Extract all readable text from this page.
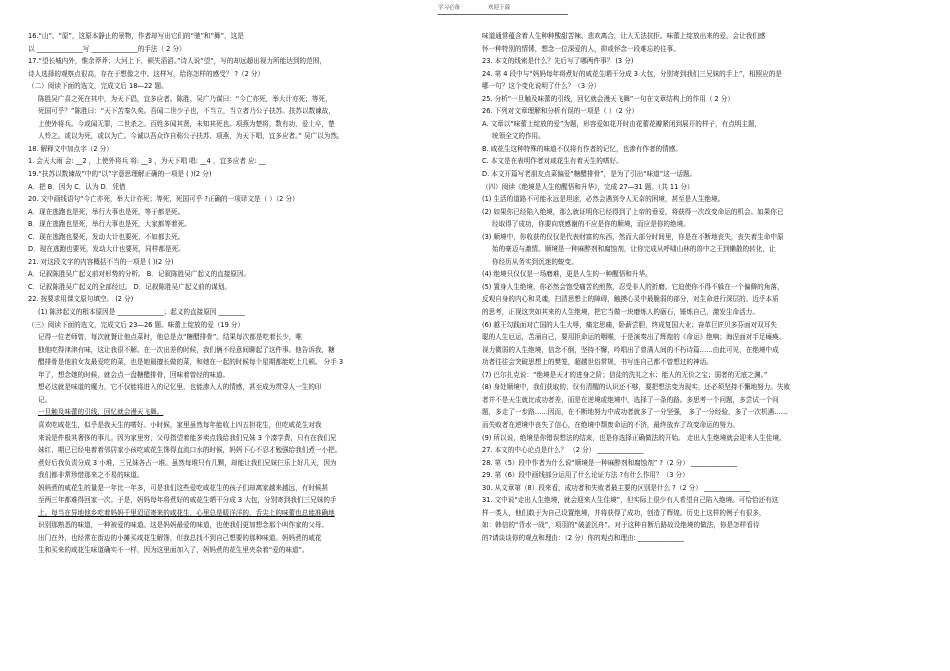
学习必备	欢迎下载
16.“山”、“原”，这原本静止的景物，作者却写出它们的“驰”和“舞”，这是
以 ______________写 ______________的手法（ 2 分）
17.“望长城内外，惟余莽莽；大河上下，顿失滔滔。”诗人说“望”，写的却远超出视力所能达到的范围，
诗人选择的观察点很高，存在于想像之中。这样写，给你怎样的感受？ ?（2 分）
（二）阅读下面的选文，完成文后 18—22 题。
陈胜吴广喜之死在其中，为天下倡，宜多应者。陈胜、吴广乃谋曰：“今亡亦死，举大计亦死；等死，
死国可乎？”陈胜曰：“天下苦秦久矣。吾闻二世少子也，不当立，当立者乃公子扶苏。扶苏以数谏故，
上使外将兵。今或闻无罪，二世杀之。百姓多闻其贤，未知其死也。项燕为楚将，数有功，爱士卒，楚
人怜之。或以为死，或以为亡。今诚以吾众诈自称公子扶苏、项燕，为天下唱，宜多应者。” 吴广以为然。
18. 解释文中加点字（2 分）
1. 会天大雨 会: __2 ，上使外将兵 将: __3 ，为天下唱 唱: __4 ，宜多应者 应: __
19.“扶苏以数谏故”中的“以”字意思理解正确的一项是 ( )(2 分)
A．把 B．因为 C．认为 D．凭借
20. 文中画线语句“今亡亦死，举大计亦死；等死，死国可乎 ?正确的一项译文是（ ）（2 分）
A．现在逃跑也是死，举行大事也是死，等于都是死。
B．现在逃跑也是死，举行大事也是死，大家都等着死。
C．现在逃跑也要死，发动大计也要死，不如都去死。
D．现在逃跑也要死，发动大计也要死，同样都是死。
21. 对这段文字的内容概括不当的一项是 ( )(2 分)
A．记叙陈胜吴广起义前对形势的分析。 B．记叙陈胜吴广起义的直接原因。
C．记叙陈胜吴广起义的全部经过。 D．记叙陈胜吴广起义前的谋划。
22. 按要求用课文原句填空。 (2 分)
(1) 陈涉起义的根本原因是 ______________；起义的直接原因 ________
（三）阅读下面的选文，完成文后 23—26 题。味蕾上绽放的爱（19 分）
记得一位老师曾，每次就餐让他点菜时，他总是点“糖醋排骨”。结果每次都是吃着长少，唯
独他吃得津津有味，这让我很不解。在一次出差的时候，我们俩不经意间聊起了这件事。他告诉我，糖
醋排骨是他前女友最爱吃的菜，也是她最擅长做的菜，和她在一起的时候每个星期都能吃上几顿。 分手 3
年了，想念她的时候，就会点一盘糖醋排骨，回味着曾经的味道。
想必这就是味道的魔力，它不仅能将进入的记忆里，也能渗入人的情感，甚至成为贯穿人一生的印
记。
一旦触及味蕾的引线，回忆就会漫天飞舞。
喜欢吃咸花生，似乎是我天生的嗜好。小时候，家里虽然每年能收上四五担花生，但吃咸花生对我
来说是件极其奢侈的事儿。因为家里穷，父母指望着能多卖点钱给我们兄妹 3 个凑学费，只有在我们兄
妹红、期已已经电着着邻居家小孩吃咸花生馋得直流口水的时候，妈妈下心不忍才勉强给我们煮一小把。
煮好后我负责分成 3 小堆，三兄妹各占一堆。虽然每堆只有几颗，却能让我们兄妹仨乐上好几天，因为
我们都非常珍惜那来之不易的味道。
妈妈煮的咸花生的量是一年比一年多，可是我们这些爱吃咸花生的孩子们却离家越来越远，有时候甚
至两三年都难得回家一次。于是，妈妈每年将煮好的咸花生晒干分成 3 大包，分别寄到我们三兄妹的手
上。每当在异地他乡吃着妈妈千里迢迢寄来的咸花生，心里总是暖洋洋的，舌尖上的味蕾也总能准确地
识别那熟悉的味道，一种被爱的味道。这是妈妈最爱的味道，也使我们更加想念那个叫作家的父母。
出门在外，也经常在街边的小摊买咸花生解馋，但我总找不到自己想要的那种味道。妈妈煮的咸花
生和买来的咸花生味道确实不一样，因为这里面加入了，妈妈煮的花生里夹杂着“爱的味道”。
味道通常蕴含着人生种种酸甜苦辣、悲欢离合，让人无法抗拒。味蕾上绽放出来的爱，会让我们感
怀一种特别的情愫，想念一位深爱的人，抑或怀念一段难忘的往事。
23. 本文的线索是什么？先后写了哪两件事？ (3 分)
24. 第 4 段中与“妈妈每年将煮好的咸花生晒干分成 3 大包，分别寄到我们三兄妹的手上”，相照应的是
哪一句？这个变化说明了什么？（3 分）
25. 分析“一旦触及味蕾的引线，回忆就会漫天飞舞”一句在文章结构上的作用（ 2 分）
26. 下列对文章理解和分析有误的一项是（ ）（2 分）
A. 文章以“味蕾上绽放的爱”为题，形容爱如花开时由花蕾花瓣紧闭到展开的样子，有点明主题，
统领全文的作用。
B. 咸花生这种特殊的味道不仅将有作者的记忆，也渗有作者的情感。
C. 本文是在表明作者对咸花生有着天生的嗜好。
D. 本文开篇写老朋友点菜偏爱“糖醋排骨”，是为了引出“味道”这一话题。
（四）阅读《绝境是人生的醒悟和升华》，完成 27—31 题。（共 11 分）
(1) 生活的道路不可能永远是坦途，必然会遇到令人无奈的困境，甚至是人生绝境。
(2) 如果你已经陷入绝境，那么就证明你已经得到了上帝的垂爱，将获得一次改变命运的机会。如果你已
经取得了成功，你要向衰感谢的不应是你的顺境，而应是你的绝境。
(3) 顺境中，你收获的仅仅是代表财富的东西，然而大部分时间里，你是在不断地丧失，丧失着生命中原
始的豪迈与激情。顺境是一种麻醉剂和腐蚀剂，让你完成从呼啸山林的兽中之王到懒散的转化，让
你经历从务实到沉迷的蜕变。
(4) 绝境只仅仅是一场磨难，更是人生的一种醒悟和升华。
(5) 置身人生绝境，你必然会饱受痛苦的煎熬，忍受非人的折磨。它迫使你不得不躲在一个偏僻的角落，
反观自身的内心和灵魂，扫清思想上的障碍，触摸心灵中最脆弱的部分，对生命进行深层的、近乎本质
的思考，正视这突如其来的人生绝境，把它当做一块磨炼人的砺石，锤炼自己，激发生命活力。
(6) 越王勾践面对亡国的人生大辱，痛定思痛，卧薪尝胆，终成复国大业；奋革巨匠贝多芬面对双耳失
聪的人生厄运，苦涌自己，要用拒命运的咽喉，于是演奏出了辉煌的《命运》绝响；海涅面对手足瘫痪、
视力微弱的人生绝境，信念不倒，坚持不懈，吟唱出了曾满人间的不朽诗篇……由此可见，在绝境中成
功者往往会突破思想上的樊笼，超越世俗常规，书写连自己都不曾想过的神话。
(7) 巴尔扎克说：“绝境是天才的进身之阶；信徒的洗礼之水；能人的无价之宝；弱者的无底之渊。”
(8) 身处顺境中，我们获取的，仅有清醒的认识还不够，要把想法变为现实，还必须坚持不懈地努力。失败
者并不是天生就比成功者差，而是在逆境或绝境中，选择了一条的路。多思考一个问题，多尝试一个问
题，多走了一步路……因而，在不断地努力中成功者就多了一分坚强， 多了一分经验，多了一次机遇……
而失败者在逆境中丧失了信心，在绝境中颓废命运的不济，最终放弃了改变命运的努力。
(9) 所以说，绝境是你错误想法的结束，也是你选择正确做法的开始。 走出人生绝境就会迎来人生佳境。
27. 本文的中心论点是什么？ （2 分） ______________
28. 第（5）段中作者为什么说“顺境是一种麻醉剂和腐蚀剂” ?（2 分） ______________
29. 第（6）段中画线部分运用了什么论证方法 ?有什么作用？（3 分）
30. 从文章第（8）段来看，成功者和失败者最主要的区别是什么 ?（2 分） ______________
31. 文中说“走出人生绝境，就会迎来人生佳境”，但实际上很少有人希望自己陷入绝境。可恰恰还有这
样一类人，他们敢于为自己设置绝境，并将获得了成功，创造了辉煌。历史上这样的例子有很多，
如：韩信的“背水一战”，项羽的“破釜沉舟”。对于这种自断后路故设绝境的做法，你是怎样看待
的?请谈谈你的观点和理由：（2 分）你的观点和理由: ______________
